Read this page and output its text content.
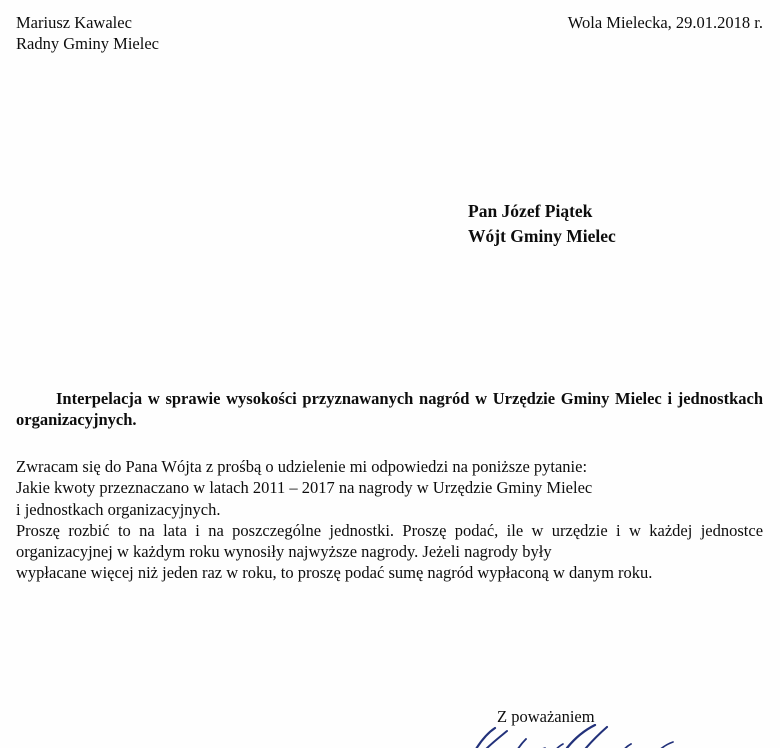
Mariusz Kawalec
Radny Gminy Mielec
Wola Mielecka, 29.01.2018 r.
Pan Józef Piątek
Wójt Gminy Mielec
Interpelacja w sprawie wysokości przyznawanych nagród w Urzędzie Gminy Mielec i jednostkach organizacyjnych.
Zwracam się do Pana Wójta z prośbą o udzielenie mi odpowiedzi na poniższe pytanie:
Jakie kwoty przeznaczano w latach 2011 – 2017 na nagrody w Urzędzie Gminy Mielec
i jednostkach organizacyjnych.
Proszę rozbić to na lata i na poszczególne jednostki. Proszę podać, ile w urzędzie i w każdej jednostce organizacyjnej w każdym roku wynosiły najwyższe nagrody. Jeżeli nagrody były
wypłacane więcej niż jeden raz w roku, to proszę podać sumę nagród wypłaconą w danym roku.
Z poważaniem
